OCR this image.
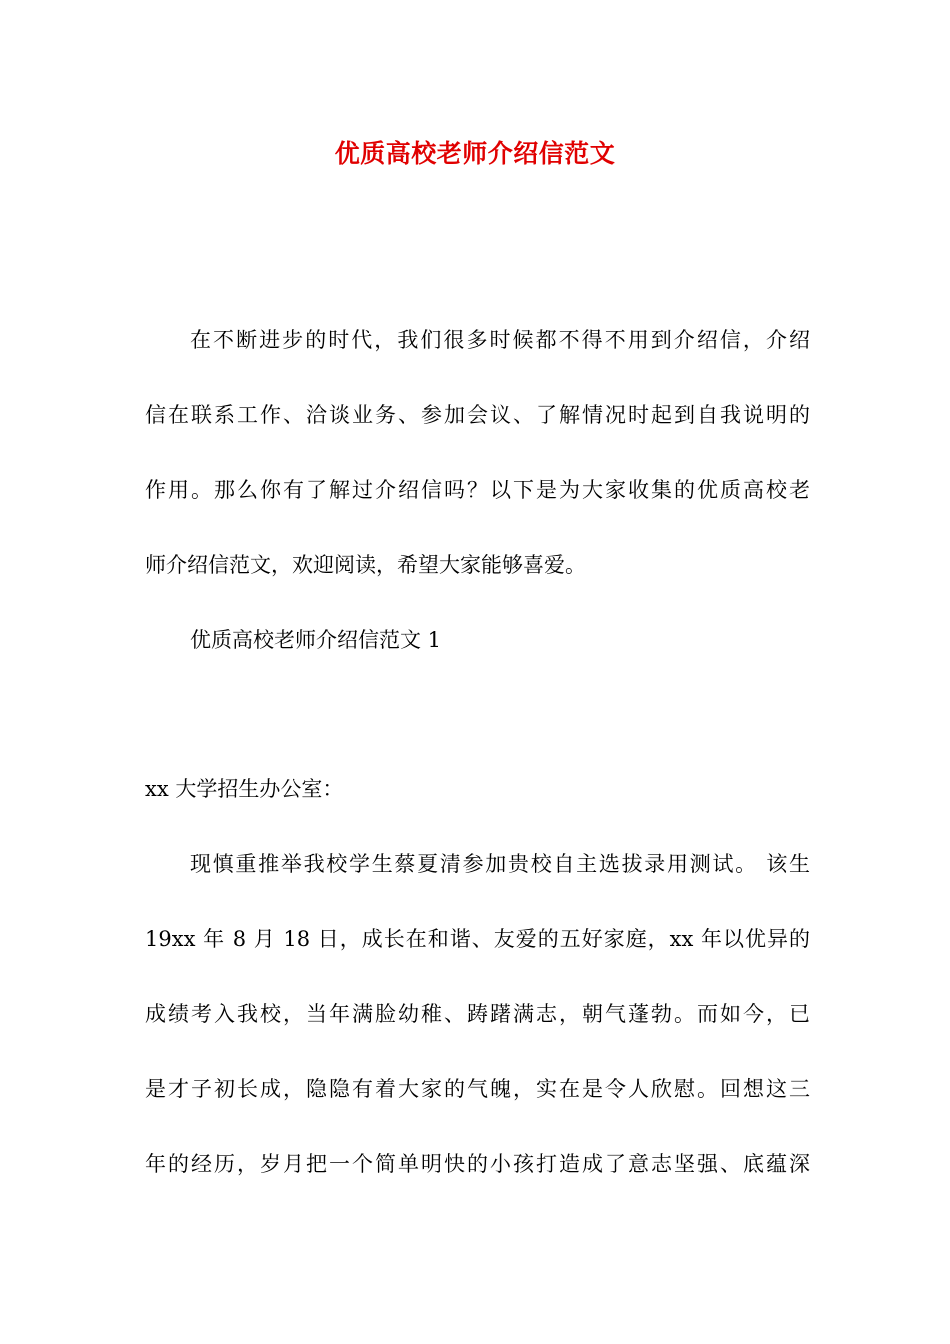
优质高校老师介绍信范文

在不断进步的时代，我们很多时候都不得不用到介绍信，介绍

信在联系工作、洽谈业务、参加会议、了解情况时起到自我说明的

作用。那么你有了解过介绍信吗？以下是为大家收集的优质高校老

师介绍信范文，欢迎阅读，希望大家能够喜爱。

优质高校老师介绍信范文 1

xx 大学招生办公室：

现慎重推举我校学生蔡夏清参加贵校自主选拔录用测试。 该生

19xx 年 8 月 18 日，成长在和谐、友爱的五好家庭，xx 年以优异的

成绩考入我校，当年满脸幼稚、踌躇满志，朝气蓬勃。而如今，已

是才子初长成，隐隐有着大家的气魄，实在是令人欣慰。回想这三

年的经历，岁月把一个简单明快的小孩打造成了意志坚强、底蕴深
